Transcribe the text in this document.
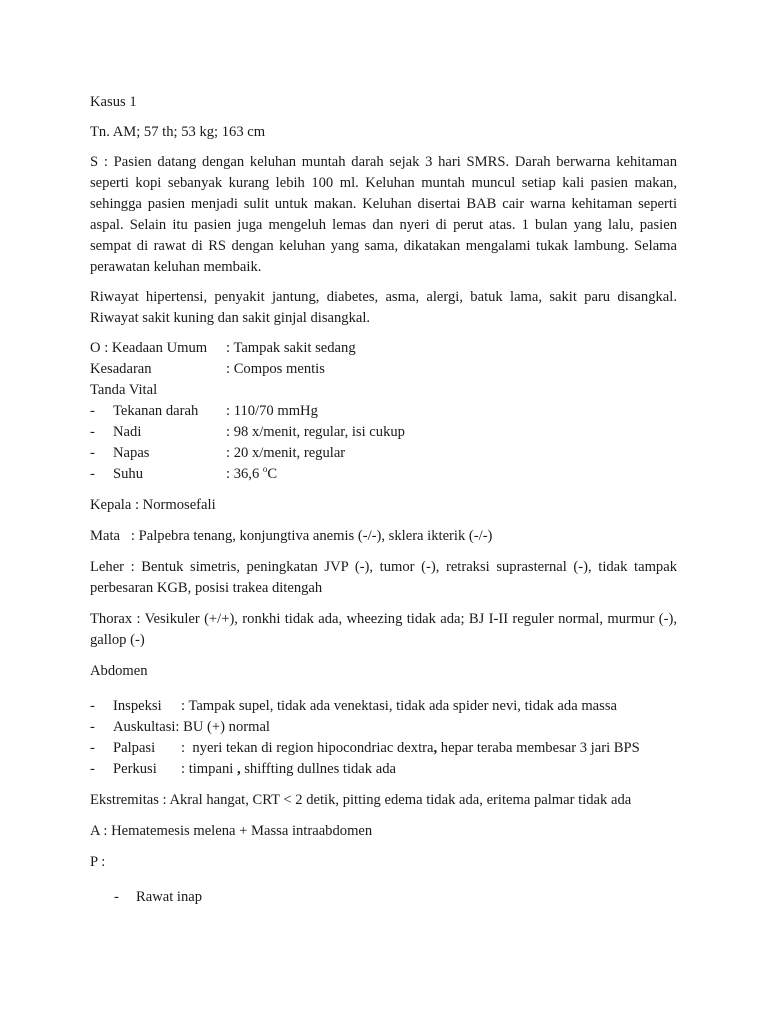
Kasus 1
Tn. AM; 57 th; 53 kg; 163 cm
S : Pasien datang dengan keluhan muntah darah sejak 3 hari SMRS. Darah berwarna kehitaman seperti kopi sebanyak kurang lebih 100 ml. Keluhan muntah muncul setiap kali pasien makan, sehingga pasien menjadi sulit untuk makan. Keluhan disertai BAB cair warna kehitaman seperti aspal. Selain itu pasien juga mengeluh lemas dan nyeri di perut atas. 1 bulan yang lalu, pasien sempat di rawat di RS dengan keluhan yang sama, dikatakan mengalami tukak lambung. Selama perawatan keluhan membaik.
Riwayat hipertensi, penyakit jantung, diabetes, asma, alergi, batuk lama, sakit paru disangkal. Riwayat sakit kuning dan sakit ginjal disangkal.
O : Keadaan Umum	: Tampak sakit sedang
Kesadaran	: Compos mentis
Tanda Vital
-	Tekanan darah	: 110/70 mmHg
-	Nadi	: 98 x/menit, regular, isi cukup
-	Napas	: 20 x/menit, regular
-	Suhu	: 36,6 $^o$C
Kepala : Normosefali
Mata   : Palpebra tenang, konjungtiva anemis (-/-), sklera ikterik (-/-)
Leher : Bentuk simetris, peningkatan JVP (-), tumor (-), retraksi suprasternal (-), tidak tampak perbesaran KGB, posisi trakea ditengah
Thorax : Vesikuler (+/+), ronkhi tidak ada, wheezing tidak ada; BJ I-II reguler normal, murmur (-), gallop (-)
Abdomen
-	Inspeksi	: Tampak supel, tidak ada venektasi, tidak ada spider nevi, tidak ada massa
-	Auskultasi: BU (+) normal
-	Palpasi	:  nyeri tekan di region hipocondriac dextra, hepar teraba membesar 3 jari BPS
-	Perkusi	: timpani , shiffting dullnes tidak ada
Ekstremitas : Akral hangat, CRT < 2 detik, pitting edema tidak ada, eritema palmar tidak ada
A : Hematemesis melena + Massa intraabdomen
P :
-	Rawat inap
